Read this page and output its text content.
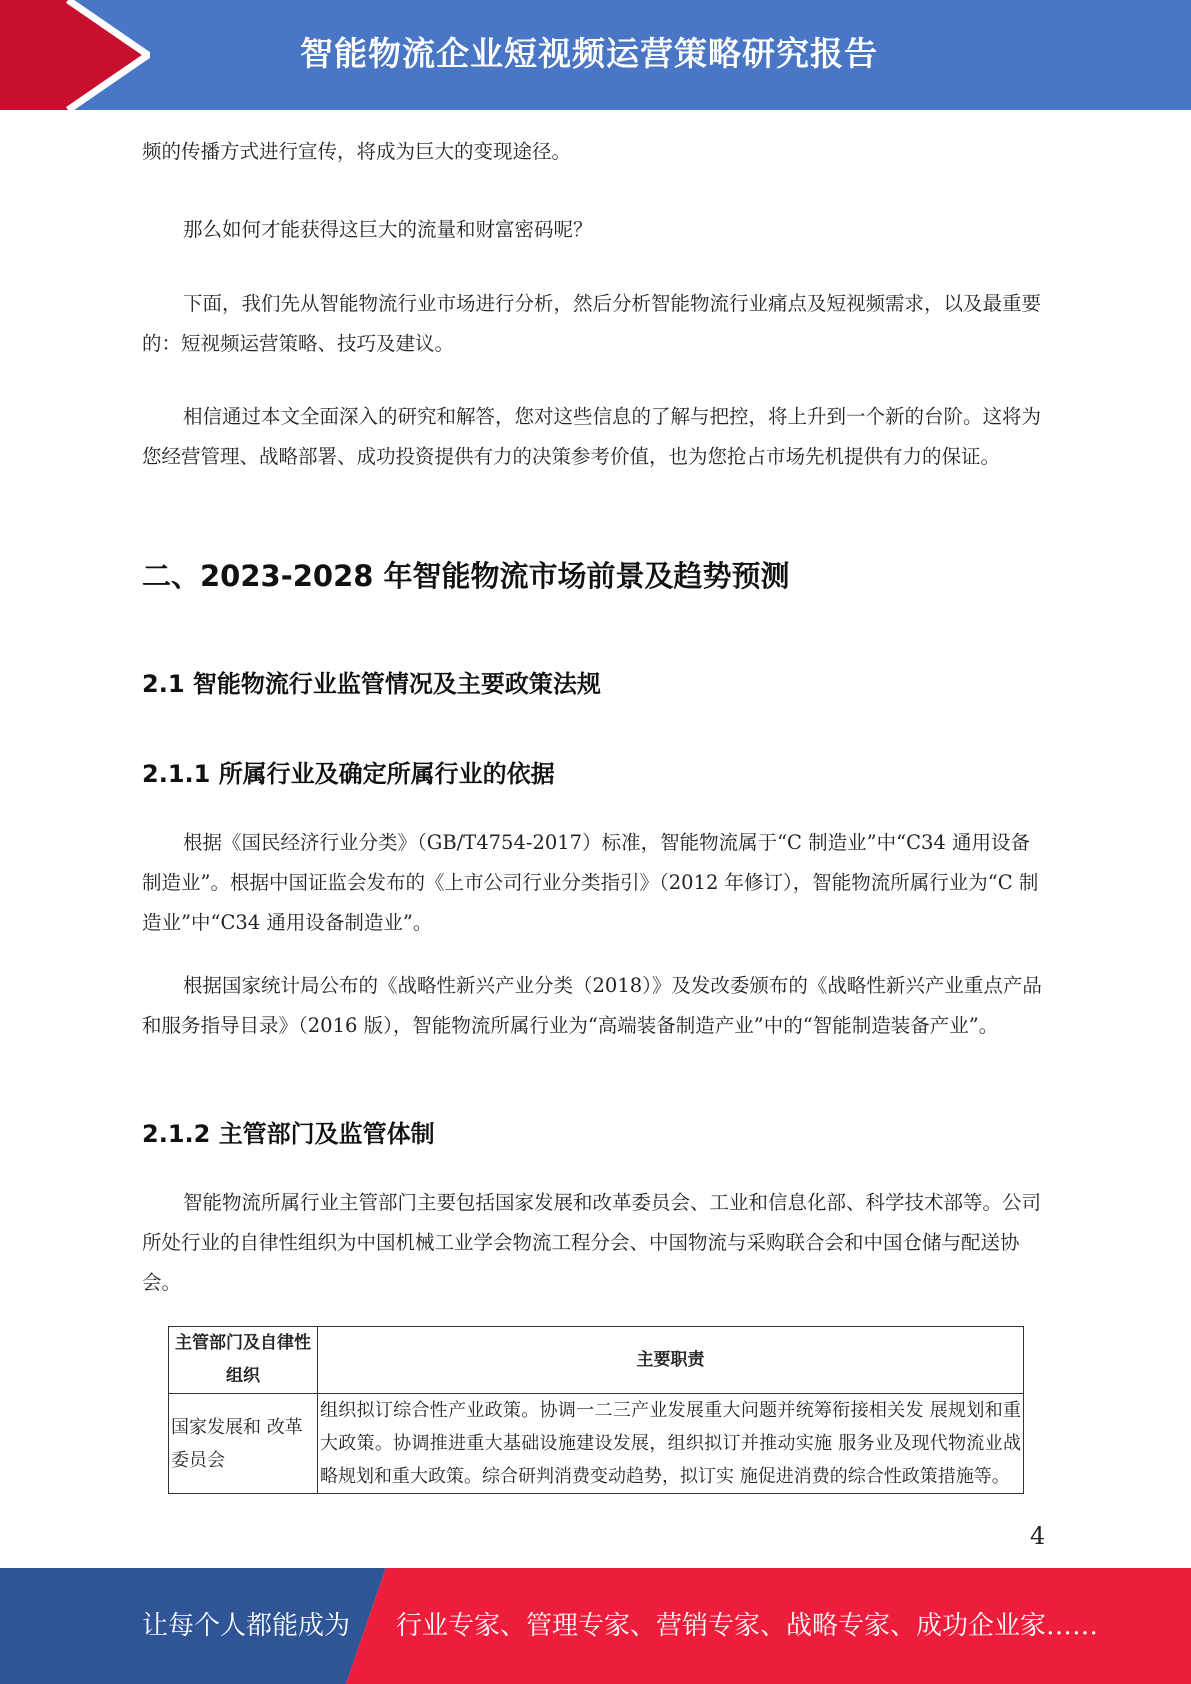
智能物流企业短视频运营策略研究报告

频的传播方式进行宣传，将成为巨大的变现途径。

那么如何才能获得这巨大的流量和财富密码呢？

下面，我们先从智能物流行业市场进行分析，然后分析智能物流行业痛点及短视频需求，以及最重要的：短视频运营策略、技巧及建议。

相信通过本文全面深入的研究和解答，您对这些信息的了解与把控，将上升到一个新的台阶。这将为您经营管理、战略部署、成功投资提供有力的决策参考价值，也为您抢占市场先机提供有力的保证。

二、2023-2028 年智能物流市场前景及趋势预测
2.1 智能物流行业监管情况及主要政策法规
2.1.1 所属行业及确定所属行业的依据

根据《国民经济行业分类》（GB/T4754-2017）标准，智能物流属于“C 制造业”中“C34 通用设备制造业”。根据中国证监会发布的《上市公司行业分类指引》（2012 年修订），智能物流所属行业为“C 制造业”中“C34 通用设备制造业”。

根据国家统计局公布的《战略性新兴产业分类（2018）》及发改委颁布的《战略性新兴产业重点产品和服务指导目录》（2016 版），智能物流所属行业为“高端装备制造产业”中的“智能制造装备产业”。

2.1.2 主管部门及监管体制

智能物流所属行业主管部门主要包括国家发展和改革委员会、工业和信息化部、科学技术部等。公司所处行业的自律性组织为中国机械工业学会物流工程分会、中国物流与采购联合会和中国仓储与配送协会。

主管部门及自律性组织	主要职责
国家发展和 改革委员会	组织拟订综合性产业政策。协调一二三产业发展重大问题并统筹衔接相关发 展规划和重大政策。协调推进重大基础设施建设发展，组织拟订并推动实施 服务业及现代物流业战略规划和重大政策。综合研判消费变动趋势，拟订实 施促进消费的综合性政策措施等。
4
让每个人都能成为 行业专家、管理专家、营销专家、战略专家、成功企业家……
